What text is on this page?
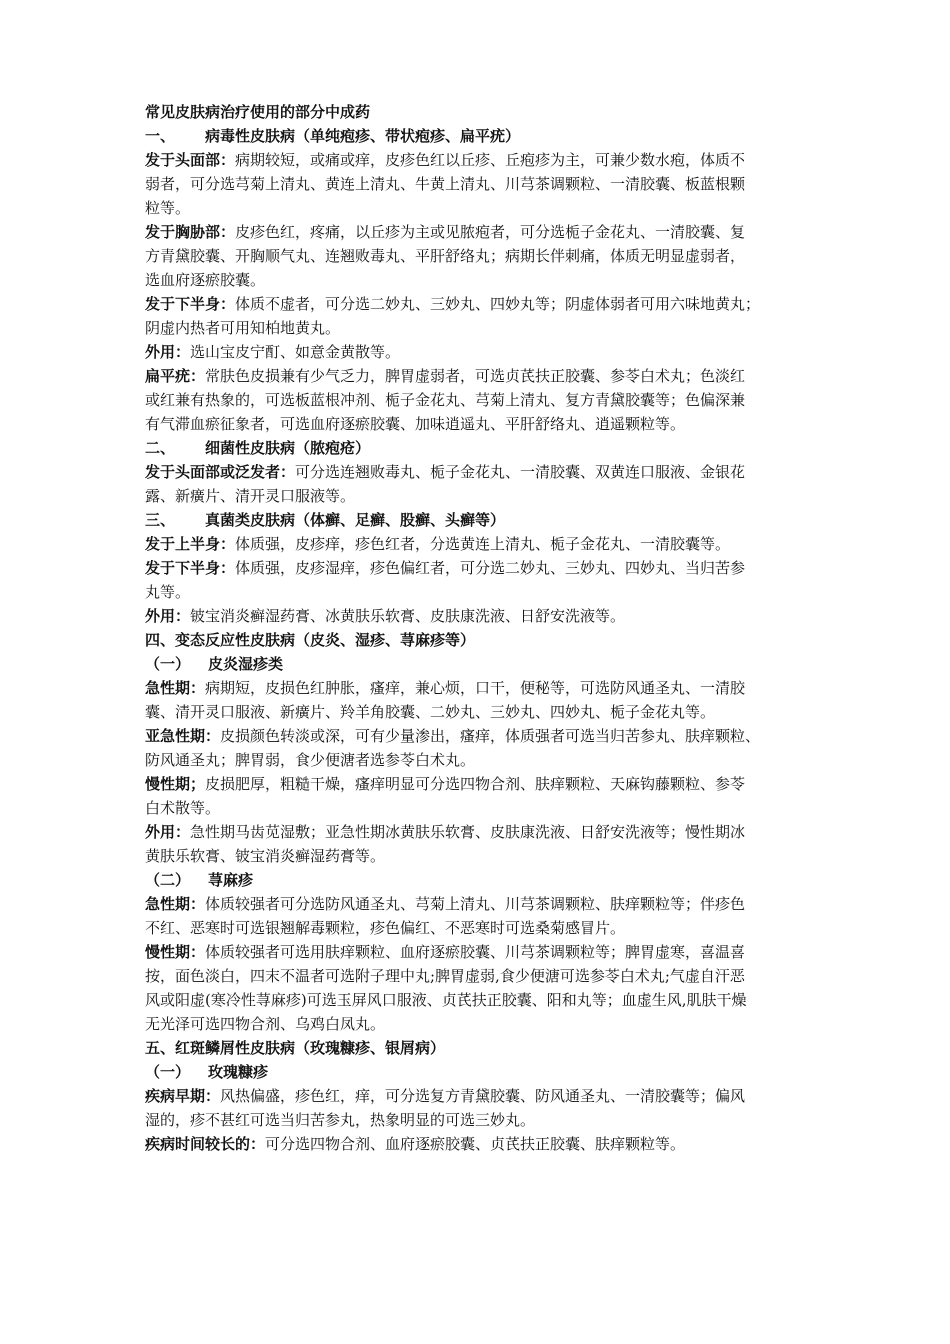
常见皮肤病治疗使用的部分中成药

一、 病毒性皮肤病（单纯疱疹、带状疱疹、扁平疣）

发于头面部：病期较短，或痛或痒，皮疹色红以丘疹、丘疱疹为主，可兼少数水疱，体质不

弱者，可分选芎菊上清丸、黄连上清丸、牛黄上清丸、川芎茶调颗粒、一清胶囊、板蓝根颗

粒等。

发于胸胁部：皮疹色红，疼痛，以丘疹为主或见脓疱者，可分选栀子金花丸、一清胶囊、复

方青黛胶囊、开胸顺气丸、连翘败毒丸、平肝舒络丸；病期长伴刺痛，体质无明显虚弱者，

选血府逐瘀胶囊。

发于下半身：体质不虚者，可分选二妙丸、三妙丸、四妙丸等；阴虚体弱者可用六味地黄丸；

阴虚内热者可用知柏地黄丸。

外用：选山宝皮宁酊、如意金黄散等。

扁平疣：常肤色皮损兼有少气乏力，脾胃虚弱者，可选贞芪扶正胶囊、参苓白术丸；色淡红

或红兼有热象的，可选板蓝根冲剂、栀子金花丸、芎菊上清丸、复方青黛胶囊等；色偏深兼

有气滞血瘀征象者，可选血府逐瘀胶囊、加味逍遥丸、平肝舒络丸、逍遥颗粒等。

二、 细菌性皮肤病（脓疱疮）

发于头面部或泛发者：可分选连翘败毒丸、栀子金花丸、一清胶囊、双黄连口服液、金银花

露、新癀片、清开灵口服液等。

三、 真菌类皮肤病（体癣、足癣、股癣、头癣等）

发于上半身：体质强，皮疹痒，疹色红者，分选黄连上清丸、栀子金花丸、一清胶囊等。

发于下半身：体质强，皮疹湿痒，疹色偏红者，可分选二妙丸、三妙丸、四妙丸、当归苦参

丸等。

外用：铍宝消炎癣湿药膏、冰黄肤乐软膏、皮肤康洗液、日舒安洗液等。

四、变态反应性皮肤病（皮炎、湿疹、荨麻疹等）

（一） 皮炎湿疹类

急性期：病期短，皮损色红肿胀，瘙痒，兼心烦，口干，便秘等，可选防风通圣丸、一清胶

囊、清开灵口服液、新癀片、羚羊角胶囊、二妙丸、三妙丸、四妙丸、栀子金花丸等。

亚急性期：皮损颜色转淡或深，可有少量渗出，瘙痒，体质强者可选当归苦参丸、肤痒颗粒、

防风通圣丸；脾胃弱，食少便溏者选参苓白术丸。

慢性期；皮损肥厚，粗糙干燥，瘙痒明显可分选四物合剂、肤痒颗粒、天麻钩藤颗粒、参苓

白术散等。

外用：急性期马齿苋湿敷；亚急性期冰黄肤乐软膏、皮肤康洗液、日舒安洗液等；慢性期冰

黄肤乐软膏、铍宝消炎癣湿药膏等。

（二） 荨麻疹

急性期：体质较强者可分选防风通圣丸、芎菊上清丸、川芎茶调颗粒、肤痒颗粒等；伴疹色

不红、恶寒时可选银翘解毒颗粒，疹色偏红、不恶寒时可选桑菊感冒片。

慢性期：体质较强者可选用肤痒颗粒、血府逐瘀胶囊、川芎茶调颗粒等；脾胃虚寒，喜温喜

按，面色淡白，四末不温者可选附子理中丸;脾胃虚弱,食少便溏可选参苓白术丸;气虚自汗恶

风或阳虚(寒冷性荨麻疹)可选玉屏风口服液、贞芪扶正胶囊、阳和丸等；血虚生风,肌肤干燥

无光泽可选四物合剂、乌鸡白凤丸。

五、红斑鳞屑性皮肤病（玫瑰糠疹、银屑病）

（一） 玫瑰糠疹

疾病早期：风热偏盛，疹色红，痒，可分选复方青黛胶囊、防风通圣丸、一清胶囊等；偏风

湿的，疹不甚红可选当归苦参丸，热象明显的可选三妙丸。

疾病时间较长的：可分选四物合剂、血府逐瘀胶囊、贞芪扶正胶囊、肤痒颗粒等。
